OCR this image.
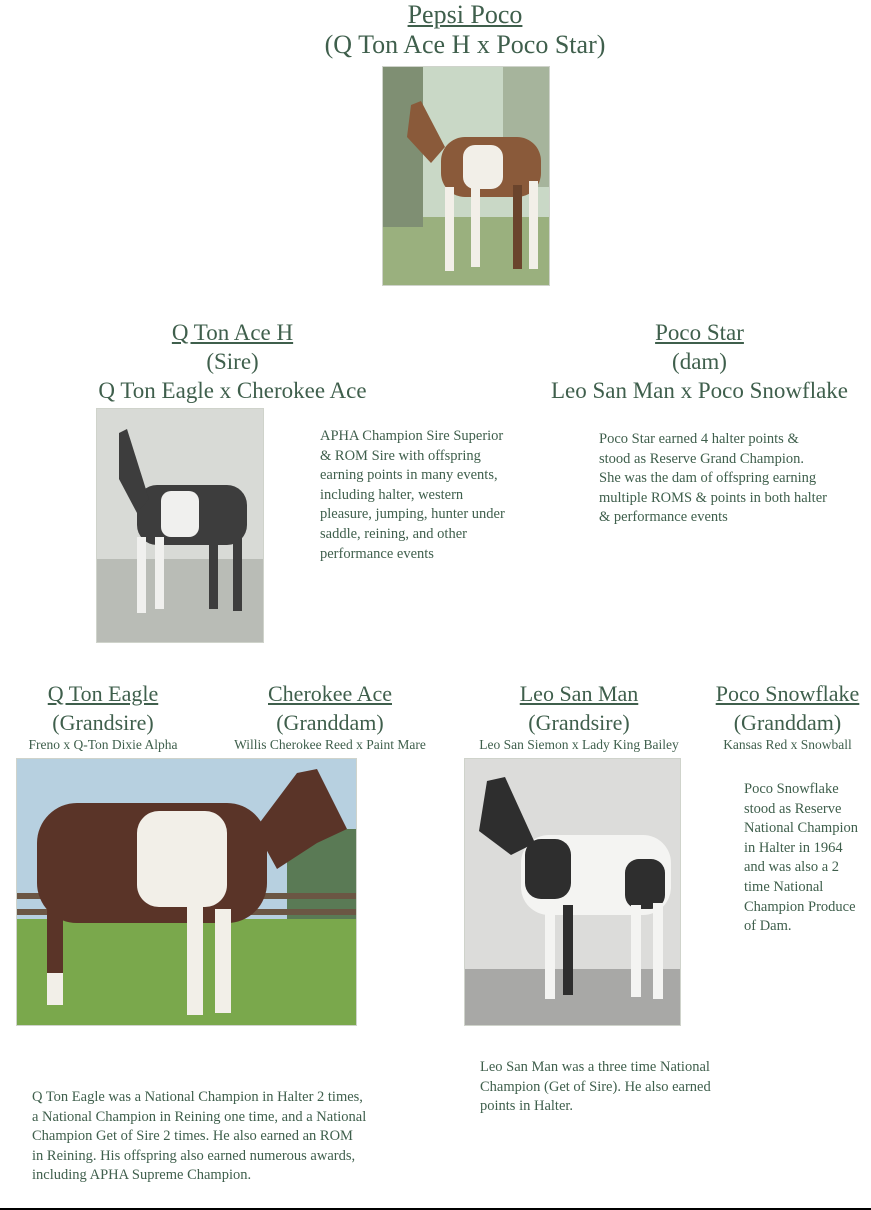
Pepsi Poco
(Q Ton Ace H x Poco Star)
Q Ton Ace H
(Sire)
Q Ton Eagle x Cherokee Ace
Poco Star
(dam)
Leo San Man x Poco Snowflake
APHA Champion Sire Superior & ROM Sire with offspring earning points in many events, including halter, western pleasure, jumping, hunter under saddle, reining, and other performance events
Poco Star earned 4 halter points & stood as Reserve Grand Champion. She was the dam of offspring earning multiple ROMS & points in both halter & performance events
Q Ton Eagle
(Grandsire)
Freno x Q-Ton Dixie Alpha
Cherokee Ace
(Granddam)
Willis Cherokee Reed x Paint Mare
Leo San Man
(Grandsire)
Leo San Siemon x Lady King Bailey
Poco Snowflake
(Granddam)
Kansas Red x Snowball
Poco Snowflake stood as Reserve National Champion in Halter in 1964 and was also a 2 time National Champion Produce of Dam.
Leo San Man was a three time National Champion (Get of Sire). He also earned points in Halter.
Q Ton Eagle was a National Champion in Halter 2 times, a National Champion in Reining one time, and a National Champion Get of Sire 2 times. He also earned an ROM in Reining. His offspring also earned numerous awards, including APHA Supreme Champion.
